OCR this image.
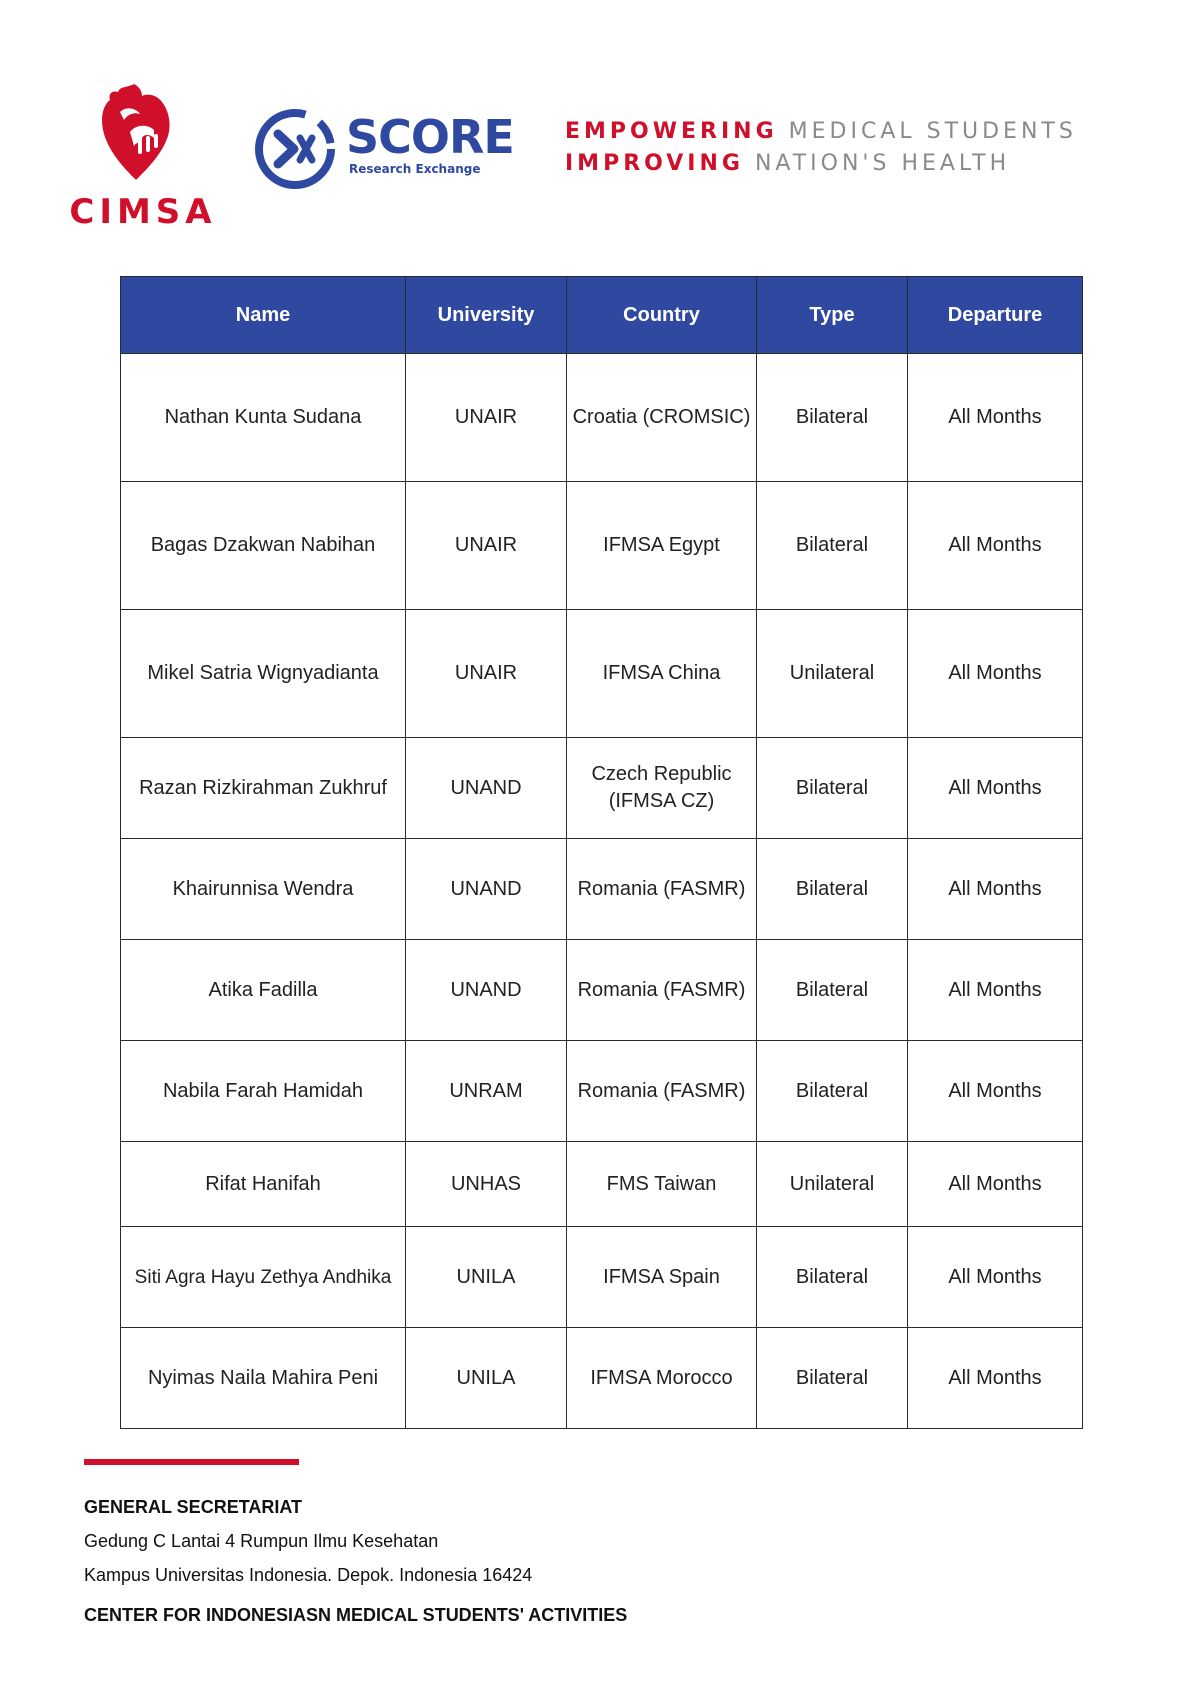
CIMSA
SCORE
Research Exchange
EMPOWERING MEDICAL STUDENTS
IMPROVING NATION'S HEALTH
Name	University	Country	Type	Departure
Nathan Kunta Sudana	UNAIR	Croatia (CROMSIC)	Bilateral	All Months
Bagas Dzakwan Nabihan	UNAIR	IFMSA Egypt	Bilateral	All Months
Mikel Satria Wignyadianta	UNAIR	IFMSA China	Unilateral	All Months
Razan Rizkirahman Zukhruf	UNAND	Czech Republic (IFMSA CZ)	Bilateral	All Months
Khairunnisa Wendra	UNAND	Romania (FASMR)	Bilateral	All Months
Atika Fadilla	UNAND	Romania (FASMR)	Bilateral	All Months
Nabila Farah Hamidah	UNRAM	Romania (FASMR)	Bilateral	All Months
Rifat Hanifah	UNHAS	FMS Taiwan	Unilateral	All Months
Siti Agra Hayu Zethya Andhika	UNILA	IFMSA Spain	Bilateral	All Months
Nyimas Naila Mahira Peni	UNILA	IFMSA Morocco	Bilateral	All Months
GENERAL SECRETARIAT
Gedung C Lantai 4 Rumpun Ilmu Kesehatan
Kampus Universitas Indonesia. Depok. Indonesia 16424
CENTER FOR INDONESIASN MEDICAL STUDENTS' ACTIVITIES
